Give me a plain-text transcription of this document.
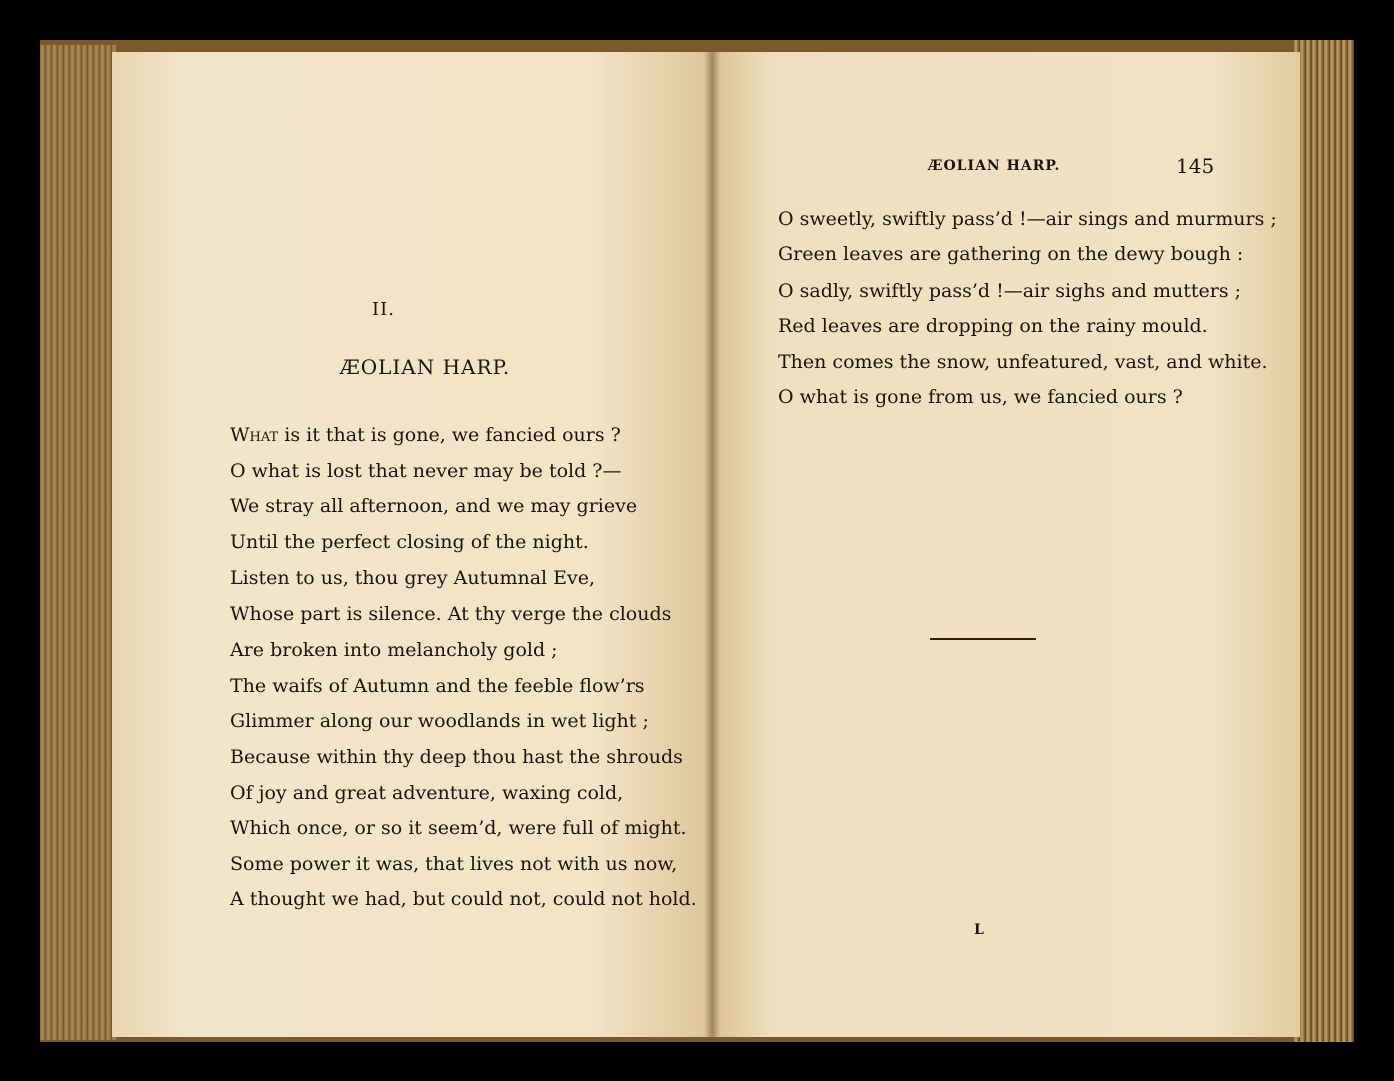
II.
ÆOLIAN HARP.
What is it that is gone, we fancied ours ?
O what is lost that never may be told ?—
We stray all afternoon, and we may grieve
Until the perfect closing of the night.
Listen to us, thou grey Autumnal Eve,
Whose part is silence. At thy verge the clouds
Are broken into melancholy gold ;
The waifs of Autumn and the feeble flow’rs
Glimmer along our woodlands in wet light ;
Because within thy deep thou hast the shrouds
Of joy and great adventure, waxing cold,
Which once, or so it seem’d, were full of might.
Some power it was, that lives not with us now,
A thought we had, but could not, could not hold.
ÆOLIAN HARP.	145
O sweetly, swiftly pass’d !—air sings and murmurs ;
Green leaves are gathering on the dewy bough :
O sadly, swiftly pass’d !—air sighs and mutters ;
Red leaves are dropping on the rainy mould.
Then comes the snow, unfeatured, vast, and white.
O what is gone from us, we fancied ours ?
L
